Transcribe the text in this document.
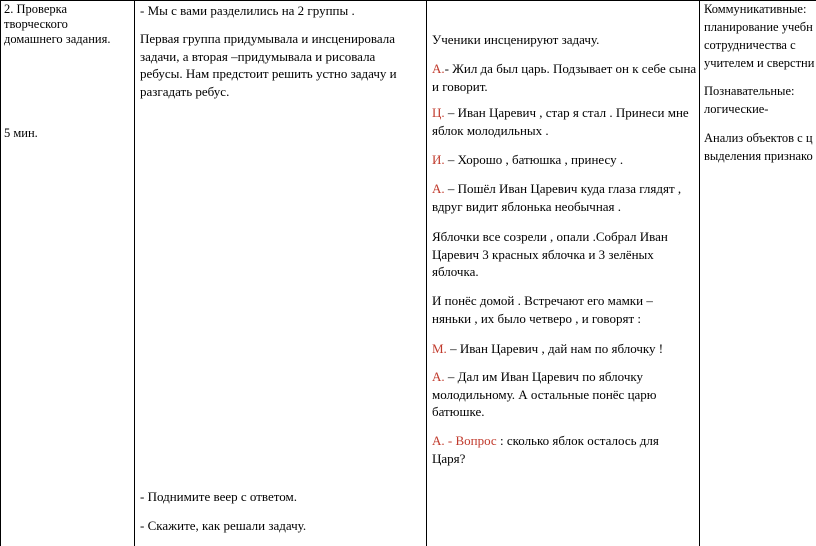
2. Проверка творческого домашнего задания.

5 мин.

- Мы с вами разделились на 2 группы .

Первая группа придумывала и инсценировала задачи, а вторая –придумывала и рисовала ребусы. Нам предстоит решить устно задачу и разгадать ребус.

- Поднимите веер с ответом.

- Скажите, как решали задачу.

Ученики инсценируют задачу.

А.- Жил да был царь. Подзывает он к себе сына и говорит.

Ц. – Иван Царевич , стар я стал . Принеси мне яблок молодильных .

И. – Хорошо , батюшка , принесу .

А. – Пошёл Иван Царевич куда глаза глядят , вдруг видит яблонька необычная .

Яблочки все созрели , опали .Собрал Иван Царевич 3 красных яблочка и 3 зелёных яблочка.

И понёс домой . Встречают его мамки – няньки , их было четверо , и говорят :

М. – Иван Царевич , дай нам по яблочку !

А. – Дал им Иван Царевич по яблочку молодильному. А остальные понёс царю батюшке.

А. - Вопрос : сколько яблок осталось для Царя?

Коммуникативные:

планирование учебн

сотрудничества с

учителем и сверстни

Познавательные:

логические-

Анализ объектов с ц

выделения признако
